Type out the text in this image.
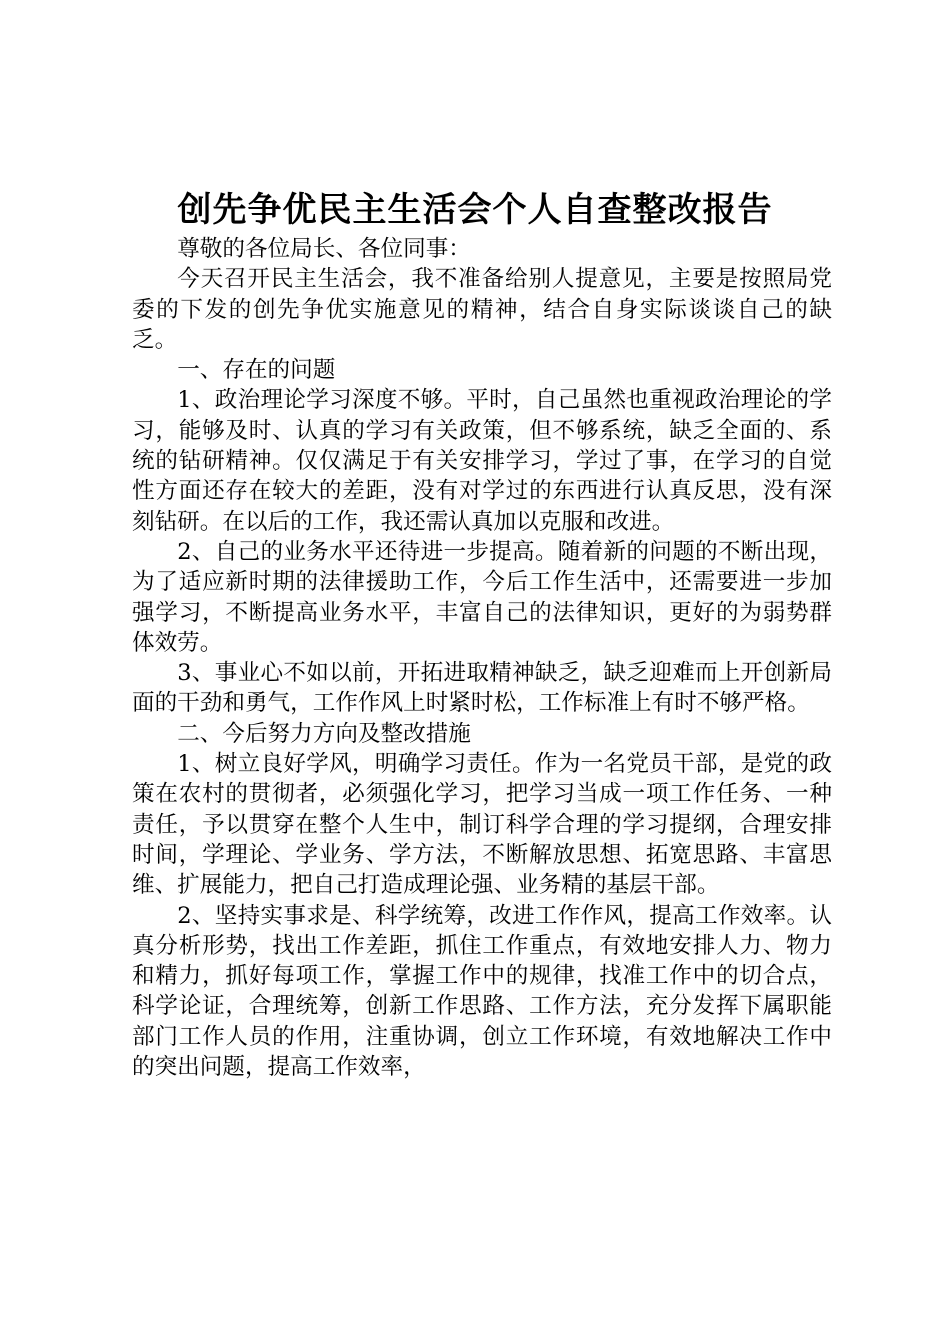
创先争优民主生活会个人自查整改报告

尊敬的各位局长、各位同事：

今天召开民主生活会，我不准备给别人提意见，主要是按照局党委的下发的创先争优实施意见的精神，结合自身实际谈谈自己的缺乏。

一、存在的问题

1、政治理论学习深度不够。平时，自己虽然也重视政治理论的学习，能够及时、认真的学习有关政策，但不够系统，缺乏全面的、系统的钻研精神。仅仅满足于有关安排学习，学过了事，在学习的自觉性方面还存在较大的差距，没有对学过的东西进行认真反思，没有深刻钻研。在以后的工作，我还需认真加以克服和改进。

2、自己的业务水平还待进一步提高。随着新的问题的不断出现，为了适应新时期的法律援助工作，今后工作生活中，还需要进一步加强学习，不断提高业务水平，丰富自己的法律知识，更好的为弱势群体效劳。

3、事业心不如以前，开拓进取精神缺乏，缺乏迎难而上开创新局面的干劲和勇气，工作作风上时紧时松，工作标准上有时不够严格。

二、今后努力方向及整改措施

1、树立良好学风，明确学习责任。作为一名党员干部，是党的政策在农村的贯彻者，必须强化学习，把学习当成一项工作任务、一种责任，予以贯穿在整个人生中，制订科学合理的学习提纲，合理安排时间，学理论、学业务、学方法，不断解放思想、拓宽思路、丰富思维、扩展能力，把自己打造成理论强、业务精的基层干部。

2、坚持实事求是、科学统筹，改进工作作风，提高工作效率。认真分析形势，找出工作差距，抓住工作重点，有效地安排人力、物力和精力，抓好每项工作，掌握工作中的规律，找准工作中的切合点，科学论证，合理统筹，创新工作思路、工作方法，充分发挥下属职能部门工作人员的作用，注重协调，创立工作环境，有效地解决工作中的突出问题，提高工作效率，
